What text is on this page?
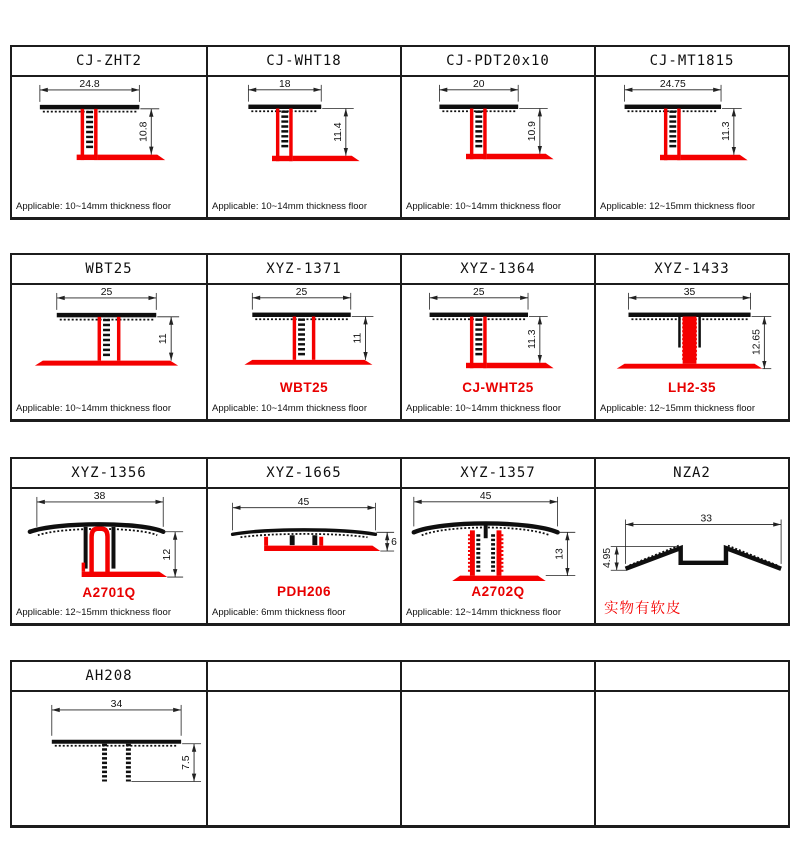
CJ-ZHT2	CJ-WHT18	CJ-PDT20x10	CJ-MT1815
24.8
10.8
Applicable: 10~14mm thickness floor
18
11.4
Applicable: 10~14mm thickness floor
20
10.9
Applicable: 10~14mm thickness floor
24.75
11.3
Applicable: 12~15mm thickness floor
WBT25	XYZ-1371	XYZ-1364	XYZ-1433
25
11
Applicable: 10~14mm thickness floor
25
11
WBT25
Applicable: 10~14mm thickness floor
25
11.3
CJ-WHT25
Applicable: 10~14mm thickness floor
35
12.65
LH2-35
Applicable: 12~15mm thickness floor
XYZ-1356	XYZ-1665	XYZ-1357	NZA2
38
12
A2701Q
Applicable: 12~15mm thickness floor
45
6
PDH206
Applicable: 6mm thickness floor
45
13
A2702Q
Applicable: 12~14mm thickness floor
33
4.95
实物有软皮
AH208
34
7.5
